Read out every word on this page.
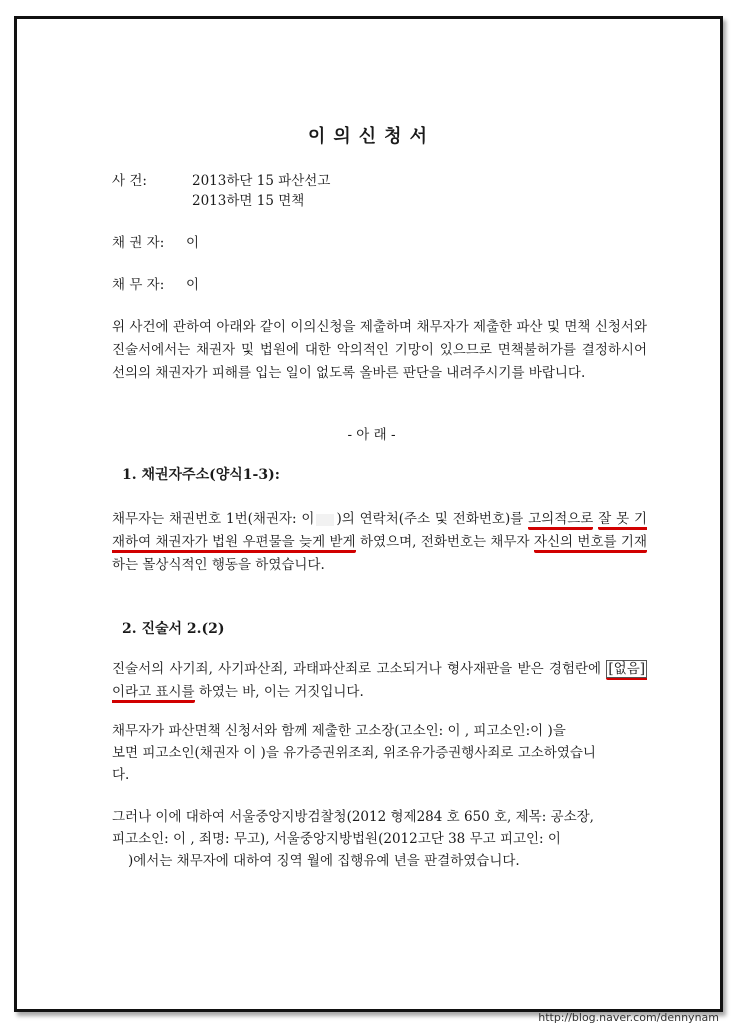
이의신청서
사 건:	2013하단 15 파산선고
2013하면 15 면책
채 권 자: 이
채 무 자: 이
위 사건에 관하여 아래와 같이 이의신청을 제출하며 채무자가 제출한 파산 및 면책 신청서와 진술서에서는 채권자 및 법원에 대한 악의적인 기망이 있으므로 면책불허가를 결정하시어 선의의 채권자가 피해를 입는 일이 없도록 올바른 판단을 내려주시기를 바랍니다.
- 아 래 -
1. 채권자주소(양식1-3):
채무자는 채권번호 1번(채권자: 이 )의 연락처(주소 및 전화번호)를 고의적으로 잘 못 기재하여 채권자가 법원 우편물을 늦게 받게 하였으며, 전화번호는 채무자 자신의 번호를 기재하는 몰상식적인 행동을 하였습니다.
2. 진술서 2.(2)
진술서의 사기죄, 사기파산죄, 과태파산죄로 고소되거나 형사재판을 받은 경험란에 [없음]이라고 표시를 하였는 바, 이는 거짓입니다.
채무자가 파산면책 신청서와 함께 제출한 고소장(고소인: 이 , 피고소인:이 )을
보면 피고소인(채권자 이 )을 유가증권위조죄, 위조유가증권행사죄로 고소하였습니
다.
그러나 이에 대하여 서울중앙지방검찰청(2012 형제284 호 650 호, 제목: 공소장,
피고소인: 이 , 죄명: 무고), 서울중앙지방법원(2012고단 38 무고 피고인: 이
)에서는 채무자에 대하여 징역 월에 집행유예 년을 판결하였습니다.
http://blog.naver.com/dennynam
